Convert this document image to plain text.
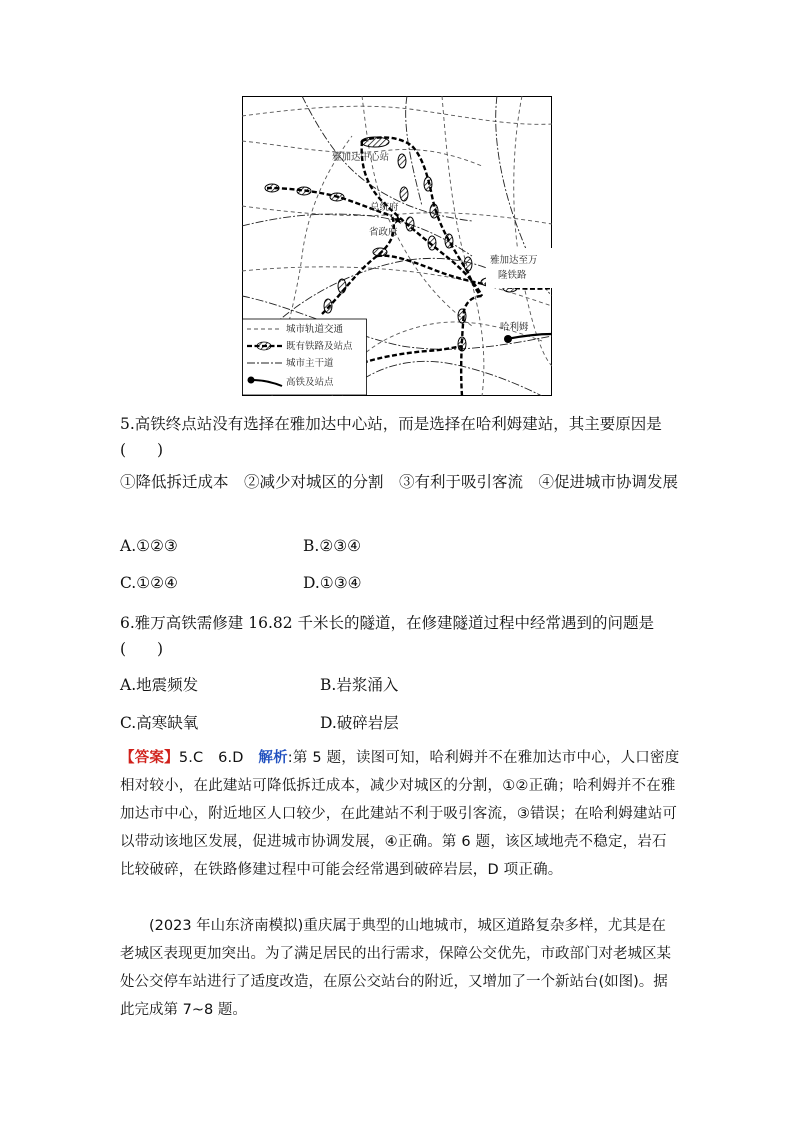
★
雅加达中心站
总统府
省政府
雅加达至万
隆铁路
哈利姆
城市轨道交通
既有铁路及站点
城市主干道
高铁及站点
5.高铁终点站没有选择在雅加达中心站，而是选择在哈利姆建站，其主要原因是
(　　)
①降低拆迁成本　②减少对城区的分割　③有利于吸引客流　④促进城市协调发展
A.①②③	B.②③④
C.①②④	D.①③④
6.雅万高铁需修建 16.82 千米长的隧道，在修建隧道过程中经常遇到的问题是
(　　)
A.地震频发	B.岩浆涌入
C.高寒缺氧	D.破碎岩层
【答案】5.C　6.D　解析:第 5 题，读图可知，哈利姆并不在雅加达市中心，人口密度相对较小，在此建站可降低拆迁成本，减少对城区的分割，①②正确；哈利姆并不在雅加达市中心，附近地区人口较少，在此建站不利于吸引客流，③错误；在哈利姆建站可以带动该地区发展，促进城市协调发展，④正确。第 6 题，该区域地壳不稳定，岩石比较破碎，在铁路修建过程中可能会经常遇到破碎岩层，D 项正确。
(2023 年山东济南模拟)重庆属于典型的山地城市，城区道路复杂多样，尤其是在老城区表现更加突出。为了满足居民的出行需求，保障公交优先，市政部门对老城区某处公交停车站进行了适度改造，在原公交站台的附近，又增加了一个新站台(如图)。据此完成第 7~8 题。
